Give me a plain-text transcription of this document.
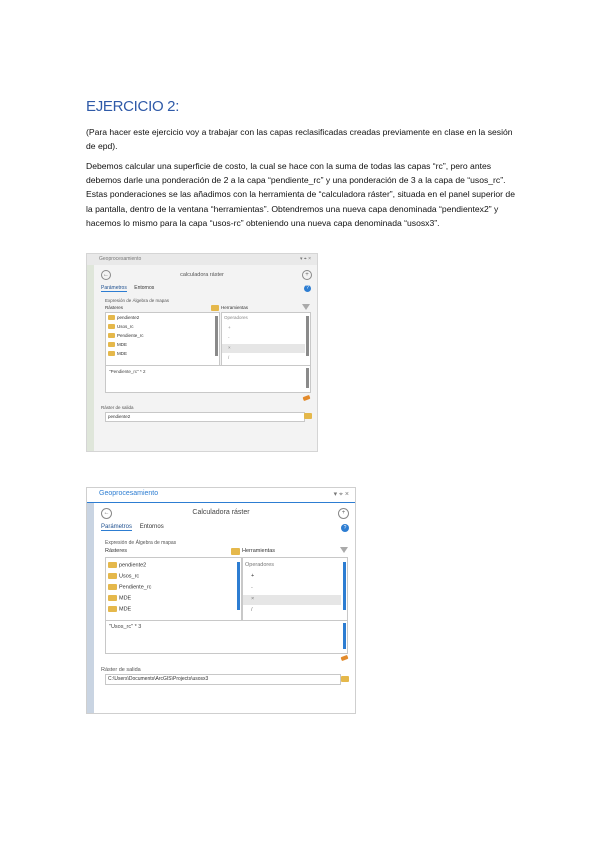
EJERCICIO 2:
(Para hacer este ejercicio voy a trabajar con las capas reclasificadas creadas previamente en clase en la sesión de epd).
Debemos calcular una superficie de costo, la cual se hace con la suma de todas las capas “rc”, pero antes debemos darle una ponderación de 2 a la capa “pendiente_rc” y una ponderación de 3 a la capa de “usos_rc”. Estas ponderaciones se las añadimos con la herramienta de “calculadora ráster”, situada en el panel superior de la pantalla, dentro de la ventana “herramientas”. Obtendremos una nueva capa denominada “pendientex2” y hacemos lo mismo para la capa “usos-rc” obteniendo una nueva capa denominada “usosx3”.
Geoprocesamiento	▾ ⌖ ×
←	calculadora ráster	+
Parámetros Entornos	?
Expresión de Álgebra de mapas
Rásteres	Herramientas
pendiente2
Usos_rc
Pendiente_rc
MDE
MDE
Operadores
+
-
×
/
"Pendiente_rc" * 2
Ráster de salida
pendiente2
Geoprocesamiento	▾ ⌖ ×
←	Calculadora ráster	+
Parámetros Entornos	?
Expresión de Álgebra de mapas
Rásteres	Herramientas
pendiente2
Usos_rc
Pendiente_rc
MDE
MDE
Operadores
+
-
×
/
"Usos_rc" * 3
Ráster de salida
C:\Users\Documents\ArcGIS\Projects\usosx3
